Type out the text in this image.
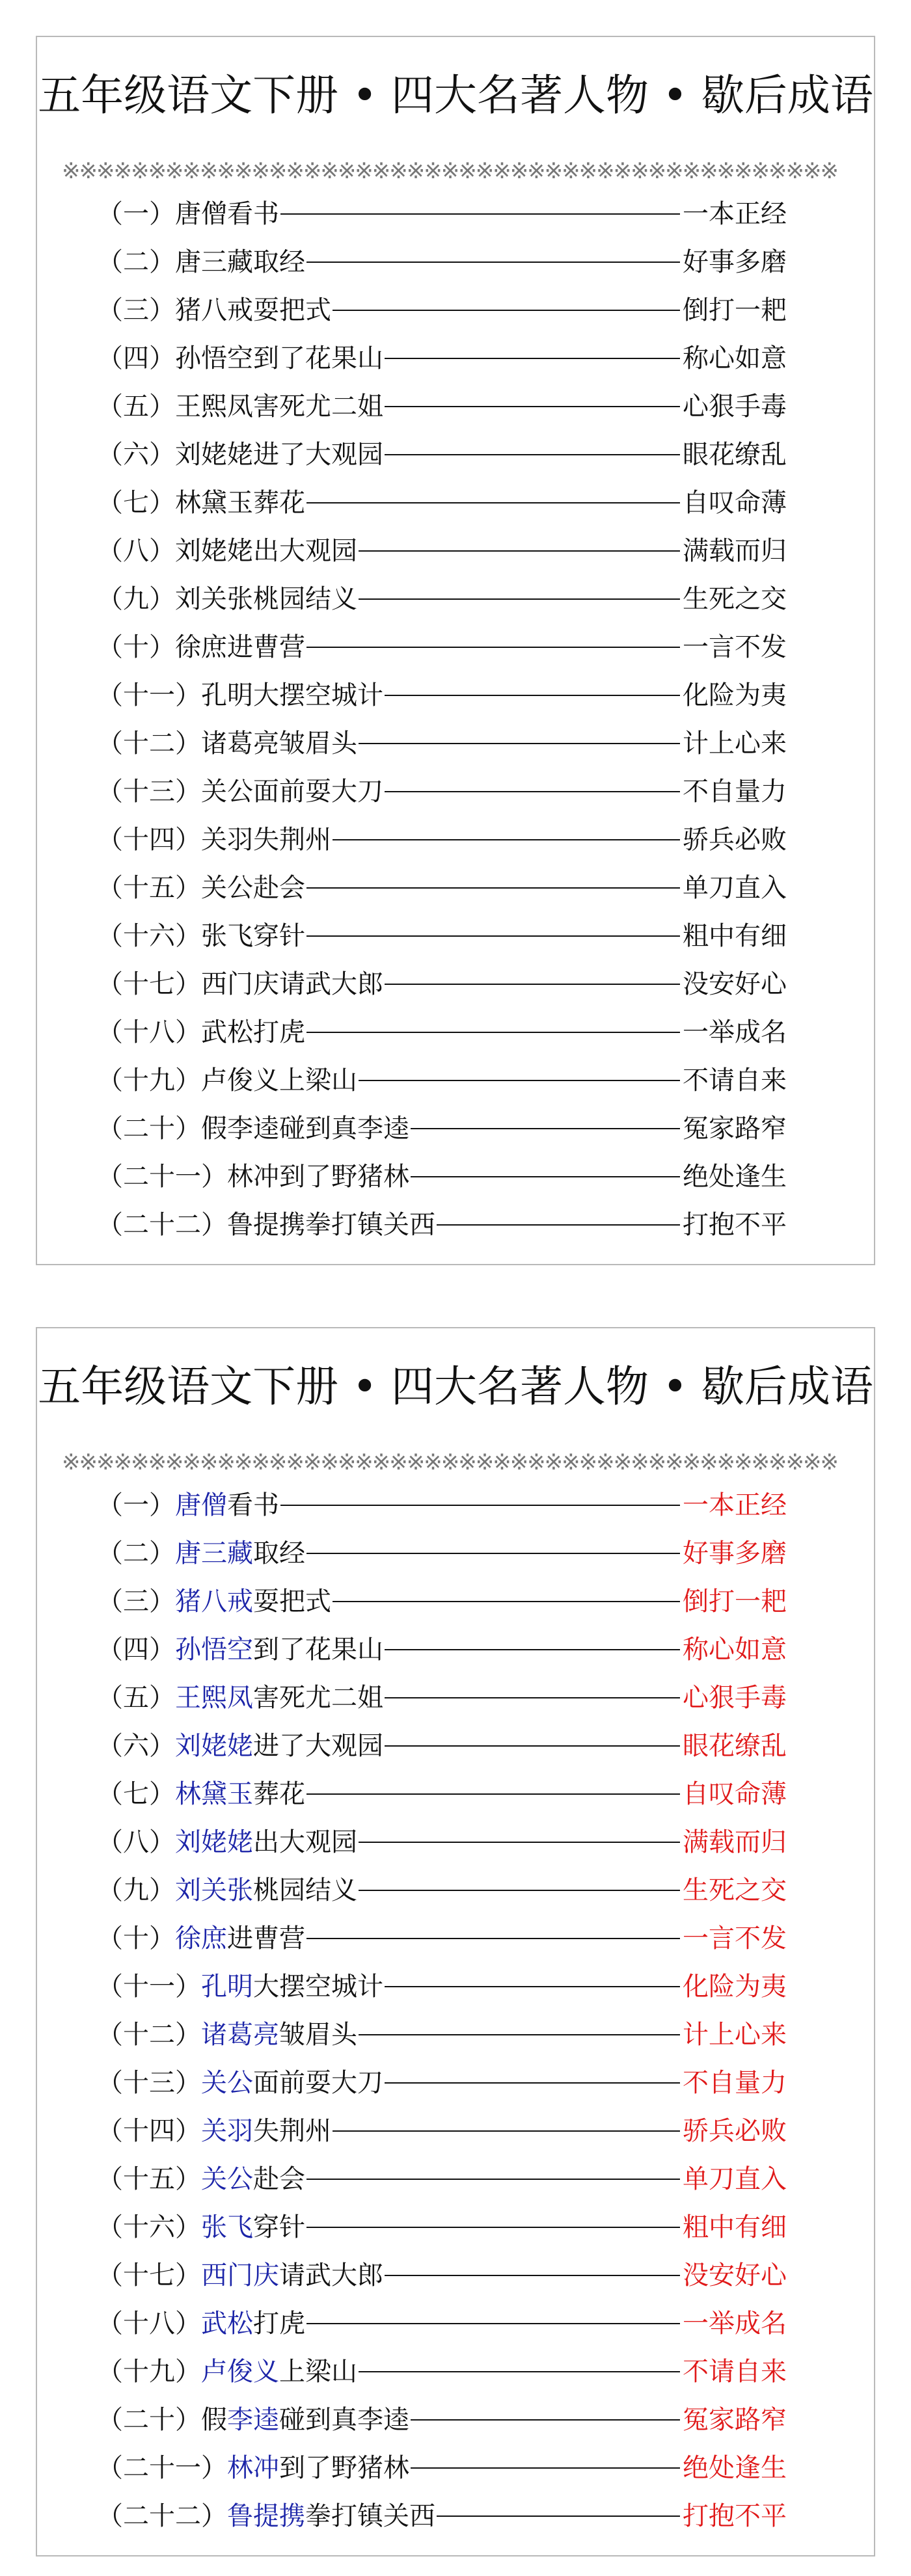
五年级语文下册 • 四大名著人物 • 歇后成语
※※※※※※※※※※※※※※※※※※※※※※※※※※※※※※※※※※※※※※※※※※※※※
（一）唐僧看书	一本正经
（二）唐三藏取经	好事多磨
（三）猪八戒耍把式	倒打一耙
（四）孙悟空到了花果山	称心如意
（五）王熙凤害死尤二姐	心狠手毒
（六）刘姥姥进了大观园	眼花缭乱
（七）林黛玉葬花	自叹命薄
（八）刘姥姥出大观园	满载而归
（九）刘关张桃园结义	生死之交
（十）徐庶进曹营	一言不发
（十一）孔明大摆空城计	化险为夷
（十二）诸葛亮皱眉头	计上心来
（十三）关公面前耍大刀	不自量力
（十四）关羽失荆州	骄兵必败
（十五）关公赴会	单刀直入
（十六）张飞穿针	粗中有细
（十七）西门庆请武大郎	没安好心
（十八）武松打虎	一举成名
（十九）卢俊义上梁山	不请自来
（二十）假李逵碰到真李逵	冤家路窄
（二十一）林冲到了野猪林	绝处逢生
（二十二）鲁提携拳打镇关西	打抱不平
五年级语文下册 • 四大名著人物 • 歇后成语
※※※※※※※※※※※※※※※※※※※※※※※※※※※※※※※※※※※※※※※※※※※※※
（一）唐僧看书	一本正经
（二）唐三藏取经	好事多磨
（三）猪八戒耍把式	倒打一耙
（四）孙悟空到了花果山	称心如意
（五）王熙凤害死尤二姐	心狠手毒
（六）刘姥姥进了大观园	眼花缭乱
（七）林黛玉葬花	自叹命薄
（八）刘姥姥出大观园	满载而归
（九）刘关张桃园结义	生死之交
（十）徐庶进曹营	一言不发
（十一）孔明大摆空城计	化险为夷
（十二）诸葛亮皱眉头	计上心来
（十三）关公面前耍大刀	不自量力
（十四）关羽失荆州	骄兵必败
（十五）关公赴会	单刀直入
（十六）张飞穿针	粗中有细
（十七）西门庆请武大郎	没安好心
（十八）武松打虎	一举成名
（十九）卢俊义上梁山	不请自来
（二十）假李逵碰到真李逵	冤家路窄
（二十一）林冲到了野猪林	绝处逢生
（二十二）鲁提携拳打镇关西	打抱不平
